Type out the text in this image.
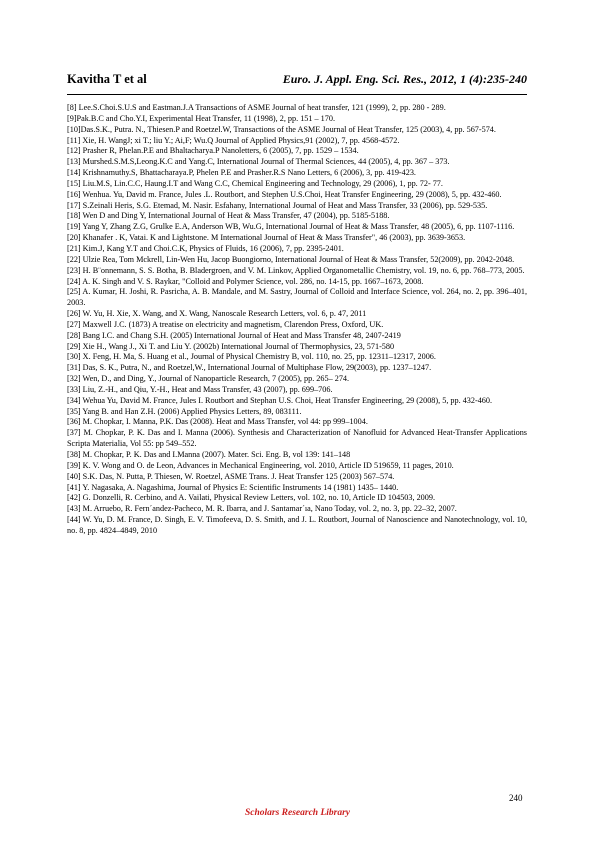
Kavitha T et al	Euro. J. Appl. Eng. Sci. Res., 2012, 1 (4):235-240

[8] Lee.S.Choi.S.U.S and Eastman.J.A Transactions of ASME Journal of heat transfer, 121 (1999), 2, pp. 280 - 289.

[9]Pak.B.C and Cho.Y.I, Experimental Heat Transfer, 11 (1998), 2, pp. 151 – 170.

[10]Das.S.K., Putra. N., Thiesen.P and Roetzel.W, Transactions of the ASME Journal of Heat Transfer, 125 (2003), 4, pp. 567-574.

[11] Xie, H. WangJ; xi T.; liu Y.; Ai,F; Wu.Q Journal of Applied Physics,91 (2002), 7, pp. 4568-4572.

[12] Prasher R, Phelan.P.E and Bhaltacharya.P Nanoletters, 6 (2005), 7, pp. 1529 – 1534.

[13] Murshed.S.M.S,Leong.K.C and Yang.C, International Journal of Thermal Sciences, 44 (2005), 4, pp. 367 – 373.

[14] Krishnamuthy.S, Bhattacharaya.P, Phelen P.E and Prasher.R.S Nano Letters, 6 (2006), 3, pp. 419-423.

[15] Liu.M.S, Lin.C.C, Haung.I.T and Wang C.C, Chemical Engineering and Technology, 29 (2006), 1, pp. 72- 77.

[16] Wenhua. Yu, David m. France, Jules .L. Routbort, and Stephen U.S.Choi, Heat Transfer Engineering, 29 (2008), 5, pp. 432-460.

[17] S.Zeinali Heris, S.G. Etemad, M. Nasir. Esfahany, International Journal of Heat and Mass Transfer, 33 (2006), pp. 529-535.

[18] Wen D and Ding Y, International Journal of Heat & Mass Transfer, 47 (2004), pp. 5185-5188.

[19] Yang Y, Zhang Z.G, Grulke E.A, Anderson WB, Wu.G, International Journal of Heat & Mass Transfer, 48 (2005), 6, pp. 1107-1116.

[20] Khanafer . K, Vatai. K and Lightstone. M International Journal of Heat & Mass Transfer", 46 (2003), pp. 3639-3653.

[21] Kim.J, Kang Y.T and Choi.C.K, Physics of Fluids, 16 (2006), 7, pp. 2395-2401.

[22] Ulzie Rea, Tom Mckrell, Lin-Wen Hu, Jacop Buongiorno, International Journal of Heat & Mass Transfer, 52(2009), pp. 2042-2048.

[23] H. B¨onnemann, S. S. Botha, B. Bladergroen, and V. M. Linkov, Applied Organometallic Chemistry, vol. 19, no. 6, pp. 768–773, 2005.

[24] A. K. Singh and V. S. Raykar, "Colloid and Polymer Science, vol. 286, no. 14-15, pp. 1667–1673, 2008.

[25] A. Kumar, H. Joshi, R. Pasricha, A. B. Mandale, and M. Sastry, Journal of Colloid and Interface Science, vol. 264, no. 2, pp. 396–401, 2003.

[26] W. Yu, H. Xie, X. Wang, and X. Wang, Nanoscale Research Letters, vol. 6, p. 47, 2011

[27] Maxwell J.C. (1873) A treatise on electricity and magnetism, Clarendon Press, Oxford, UK.

[28] Bang I.C. and Chang S.H. (2005) International Journal of Heat and Mass Transfer 48, 2407-2419

[29] Xie H., Wang J., Xi T. and Liu Y. (2002b) International Journal of Thermophysics, 23, 571-580

[30] X. Feng, H. Ma, S. Huang et al., Journal of Physical Chemistry B, vol. 110, no. 25, pp. 12311–12317, 2006.

[31] Das, S. K., Putra, N., and Roetzel,W., International Journal of Multiphase Flow, 29(2003), pp. 1237–1247.

[32] Wen, D., and Ding, Y., Journal of Nanoparticle Research, 7 (2005), pp. 265– 274.

[33] Liu, Z.-H., and Qiu, Y.-H., Heat and Mass Transfer, 43 (2007), pp. 699–706.

[34] Wehua Yu, David M. France, Jules I. Routbort and Stephan U.S. Choi, Heat Transfer Engineering, 29 (2008), 5, pp. 432-460.

[35] Yang B. and Han Z.H. (2006) Applied Physics Letters, 89, 083111.

[36] M. Chopkar, I. Manna, P.K. Das (2008). Heat and Mass Transfer, vol 44: pp 999–1004.

[37] M. Chopkar, P. K. Das and I. Manna (2006). Synthesis and Characterization of Nanofluid for Advanced Heat-Transfer Applications Scripta Materialia, Vol 55: pp 549–552.

[38] M. Chopkar, P. K. Das and I.Manna (2007). Mater. Sci. Eng. B, vol 139: 141–148

[39] K. V. Wong and O. de Leon, Advances in Mechanical Engineering, vol. 2010, Article ID 519659, 11 pages, 2010.

[40] S.K. Das, N. Putta, P. Thiesen, W. Roetzel, ASME Trans. J. Heat Transfer 125 (2003) 567–574.

[41] Y. Nagasaka, A. Nagashima, Journal of Physics E: Scientific Instruments 14 (1981) 1435– 1440.

[42] G. Donzelli, R. Cerbino, and A. Vailati, Physical Review Letters, vol. 102, no. 10, Article ID 104503, 2009.

[43] M. Arruebo, R. Fern´andez-Pacheco, M. R. Ibarra, and J. Santamar´ıa, Nano Today, vol. 2, no. 3, pp. 22–32, 2007.

[44] W. Yu, D. M. France, D. Singh, E. V. Timofeeva, D. S. Smith, and J. L. Routbort, Journal of Nanoscience and Nanotechnology, vol. 10, no. 8, pp. 4824–4849, 2010

240
Scholars Research Library
